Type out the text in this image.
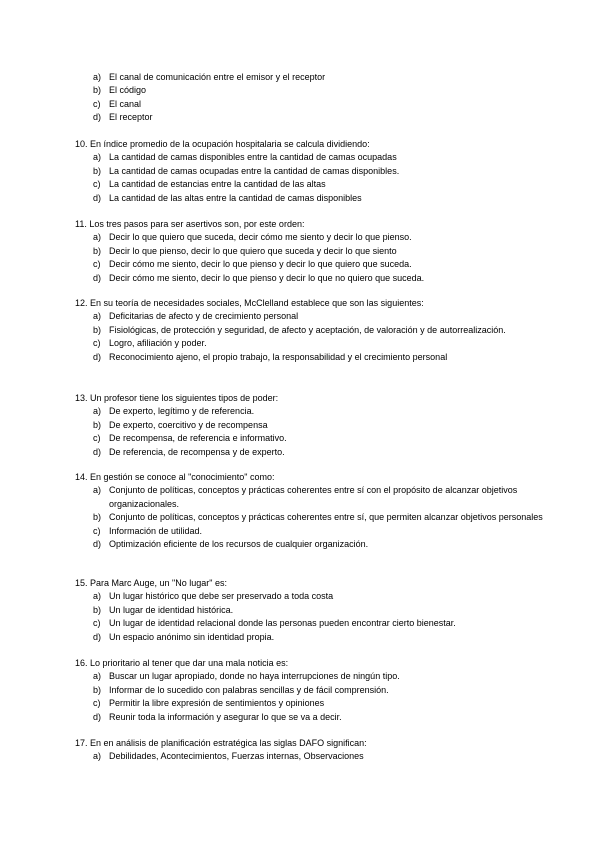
a) El canal de comunicación entre el emisor y el receptor
b) El código
c) El canal
d) El receptor
10. En índice promedio de la ocupación hospitalaria se calcula dividiendo:
a) La cantidad de camas disponibles entre la cantidad de camas ocupadas
b) La cantidad de camas ocupadas entre la cantidad de camas disponibles.
c) La cantidad de estancias entre la cantidad de las altas
d) La cantidad de las altas entre la cantidad de camas disponibles
11. Los tres pasos para ser asertivos son, por este orden:
a) Decir lo que quiero que suceda, decir cómo me siento y decir lo que pienso.
b) Decir lo que pienso, decir lo que quiero que suceda y decir lo que siento
c) Decir cómo me siento, decir lo que pienso y decir lo que quiero que suceda.
d) Decir cómo me siento, decir lo que pienso y decir lo que no quiero que suceda.
12. En su teoría de necesidades sociales, McClelland establece que son las siguientes:
a) Deficitarias de afecto y de crecimiento personal
b) Fisiológicas, de protección y seguridad, de afecto y aceptación, de valoración y de autorrealización.
c) Logro, afiliación y poder.
d) Reconocimiento ajeno, el propio trabajo, la responsabilidad y el crecimiento personal
13. Un profesor tiene los siguientes tipos de poder:
a) De experto, legítimo y de referencia.
b) De experto, coercitivo y de recompensa
c) De recompensa, de referencia e informativo.
d) De referencia, de recompensa y de experto.
14. En gestión se conoce al "conocimiento" como:
a) Conjunto de políticas, conceptos y prácticas coherentes entre sí con el propósito de alcanzar objetivos organizacionales.
b) Conjunto de políticas, conceptos y prácticas coherentes entre sí, que permiten alcanzar objetivos personales
c) Información de utilidad.
d) Optimización eficiente de los recursos de cualquier organización.
15. Para Marc Auge, un "No lugar" es:
a) Un lugar histórico que debe ser preservado a toda costa
b) Un lugar de identidad histórica.
c) Un lugar de identidad relacional donde las personas pueden encontrar cierto bienestar.
d) Un espacio anónimo sin identidad propia.
16. Lo prioritario al tener que dar una mala noticia es:
a) Buscar un lugar apropiado, donde no haya interrupciones de ningún tipo.
b) Informar de lo sucedido con palabras sencillas y de fácil comprensión.
c) Permitir la libre expresión de sentimientos y opiniones
d) Reunir toda la información y asegurar lo que se va a decir.
17. En en análisis de planificación estratégica las siglas DAFO significan:
a) Debilidades, Acontecimientos, Fuerzas internas, Observaciones
